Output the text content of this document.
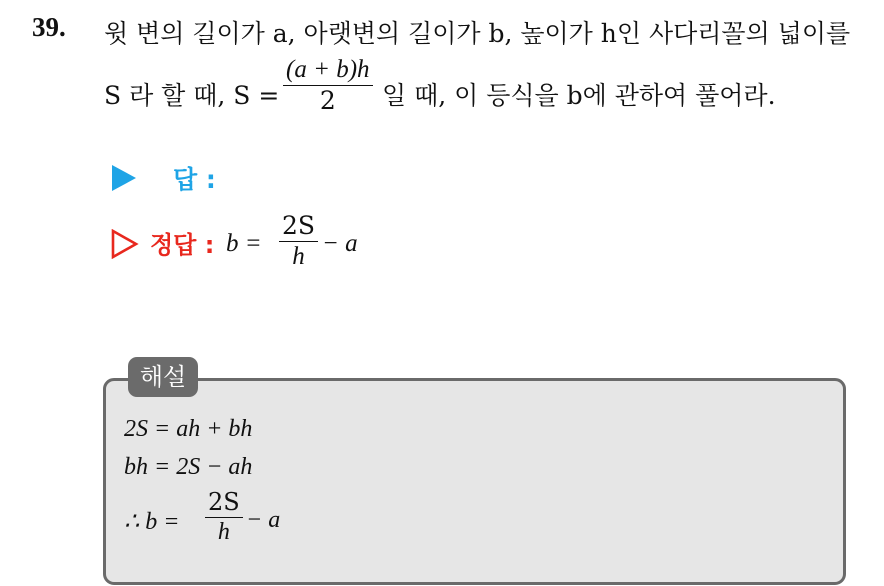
39. 윗 변의 길이가 a, 아랫변의 길이가 b, 높이가 h인 사다리꼴의 넓이를
S 라 할 때, $S = \frac{(a + b)h}{2}$ 일 때, 이 등식을 b에 관하여 풀어라.
답 :
정답 : $b = \frac{2S}{h} - a$
해설
2S = ah + bh
bh = 2S − ah
∴ $b = \frac{2S}{h} - a$
